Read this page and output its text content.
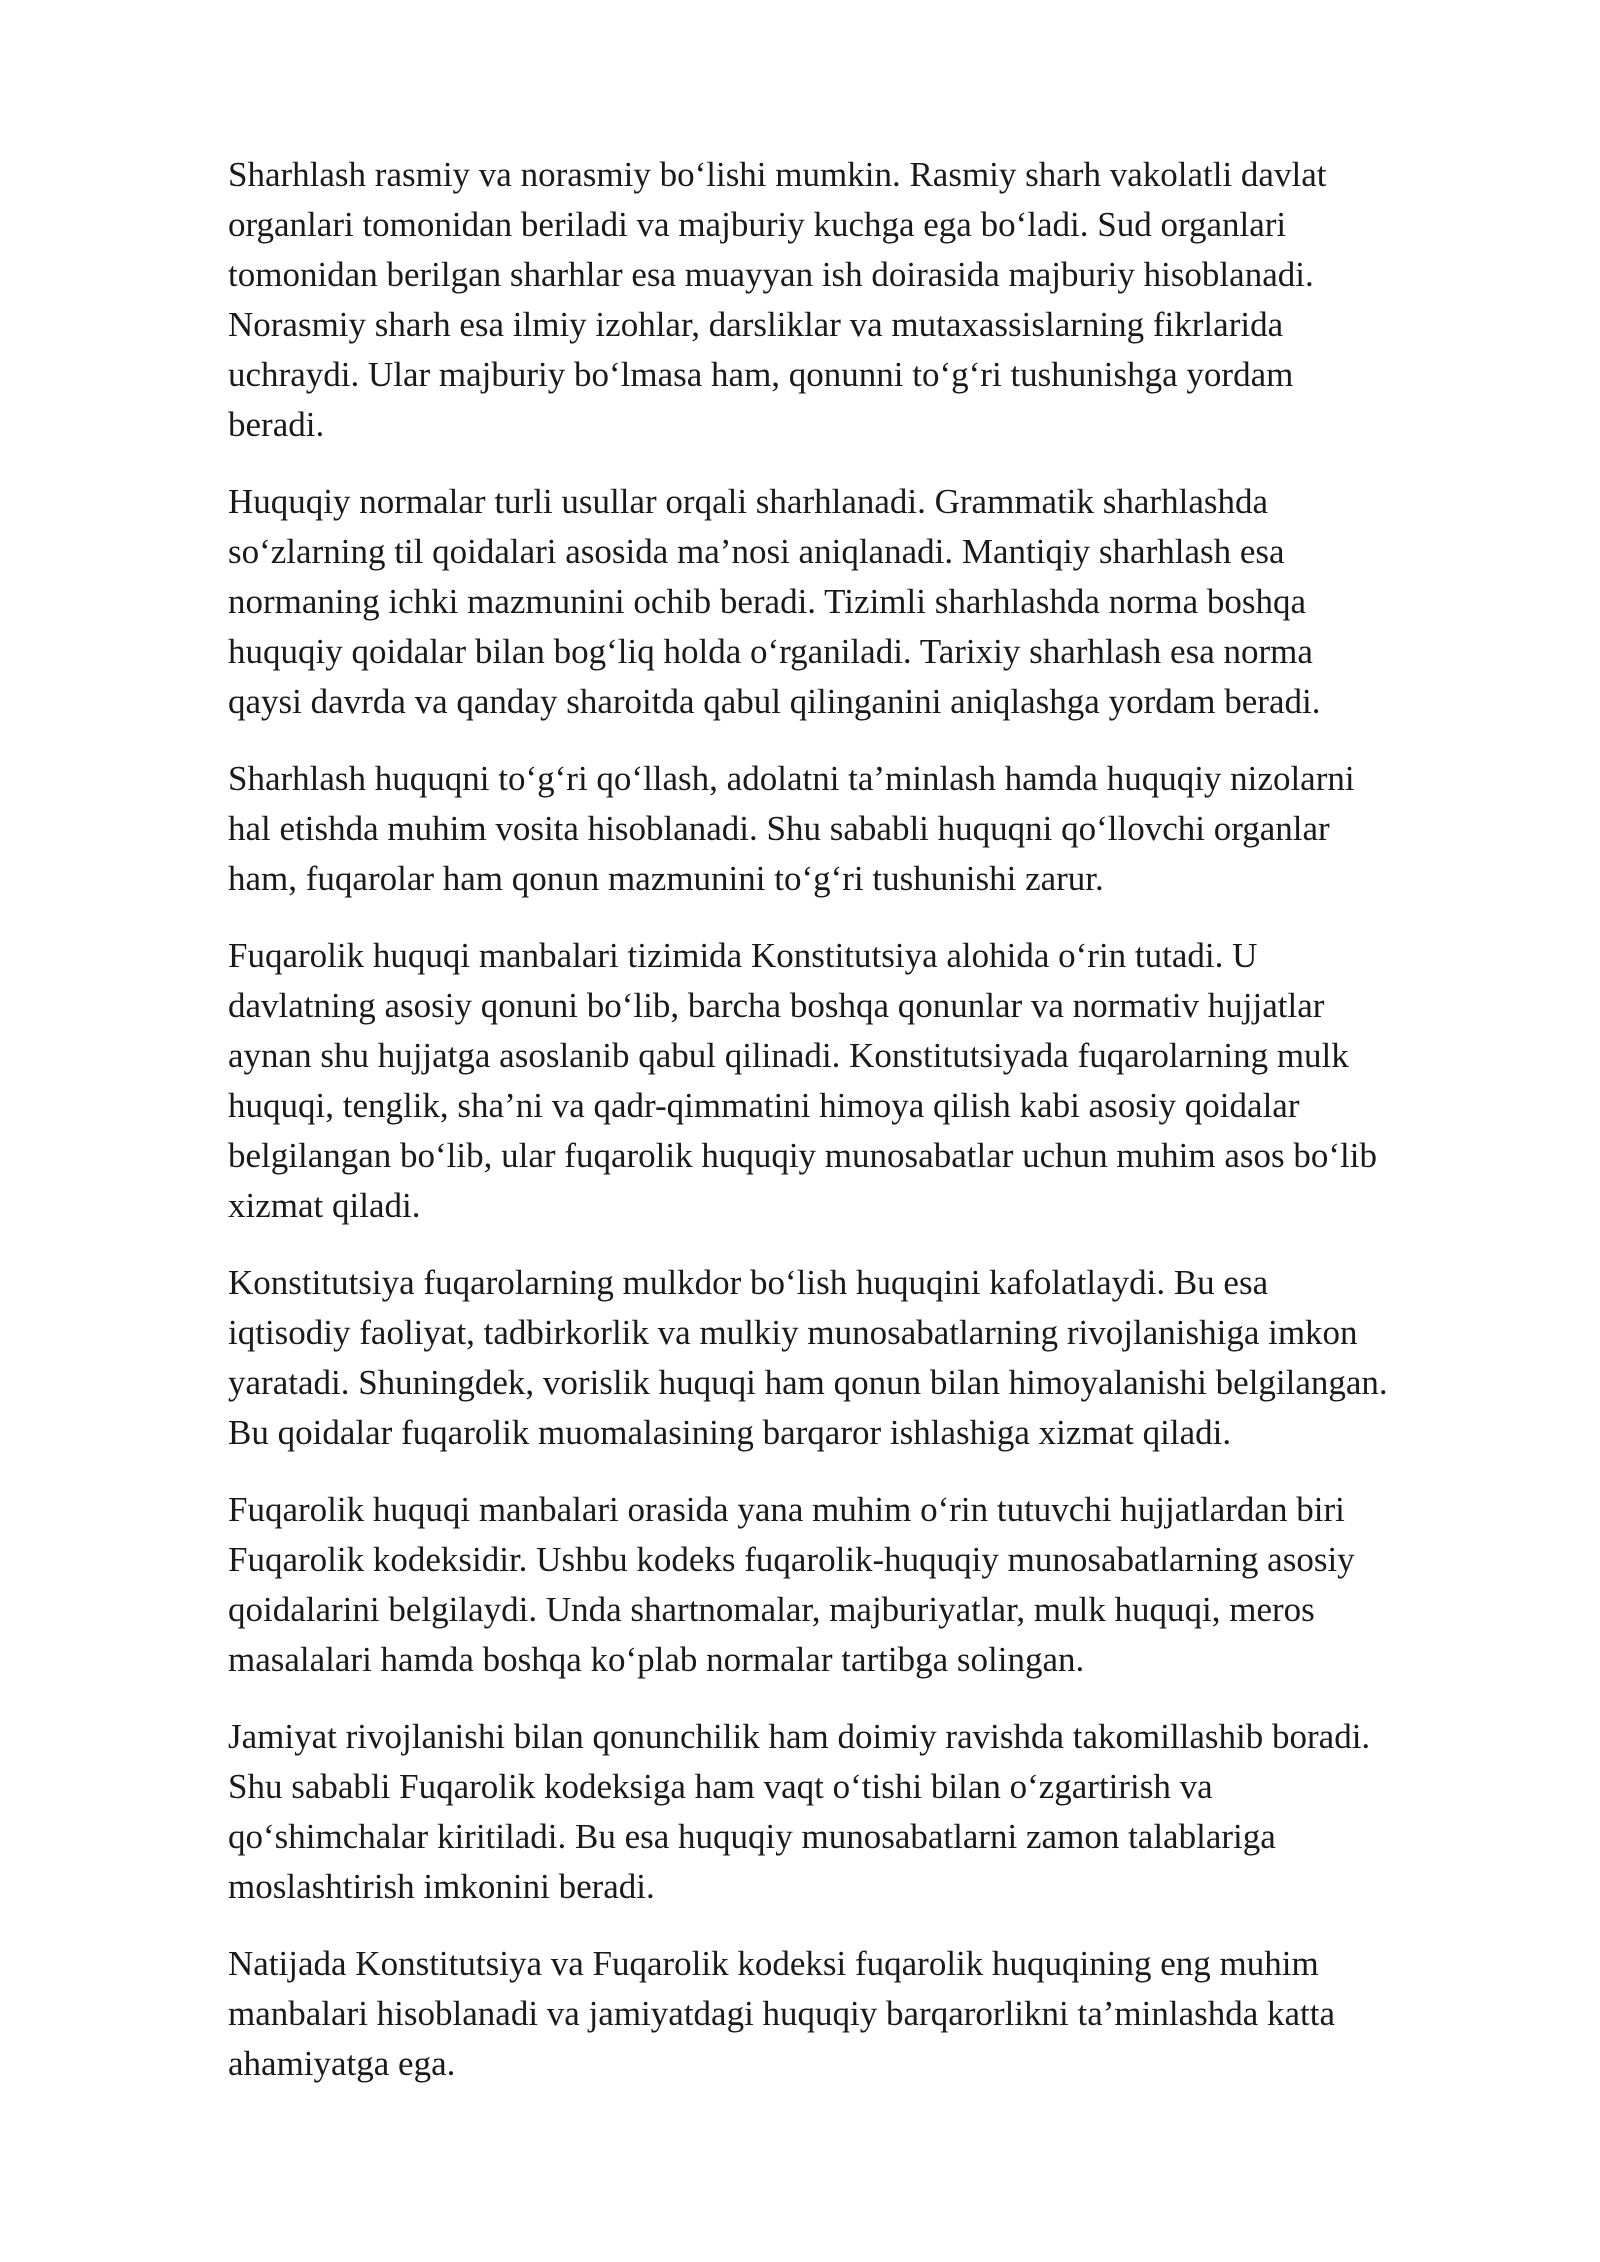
Sharhlash rasmiy va norasmiy bo‘lishi mumkin. Rasmiy sharh vakolatli davlat
organlari tomonidan beriladi va majburiy kuchga ega bo‘ladi. Sud organlari
tomonidan berilgan sharhlar esa muayyan ish doirasida majburiy hisoblanadi.
Norasmiy sharh esa ilmiy izohlar, darsliklar va mutaxassislarning fikrlarida
uchraydi. Ular majburiy bo‘lmasa ham, qonunni to‘g‘ri tushunishga yordam
beradi.

Huquqiy normalar turli usullar orqali sharhlanadi. Grammatik sharhlashda
so‘zlarning til qoidalari asosida ma’nosi aniqlanadi. Mantiqiy sharhlash esa
normaning ichki mazmunini ochib beradi. Tizimli sharhlashda norma boshqa
huquqiy qoidalar bilan bog‘liq holda o‘rganiladi. Tarixiy sharhlash esa norma
qaysi davrda va qanday sharoitda qabul qilinganini aniqlashga yordam beradi.

Sharhlash huquqni to‘g‘ri qo‘llash, adolatni ta’minlash hamda huquqiy nizolarni
hal etishda muhim vosita hisoblanadi. Shu sababli huquqni qo‘llovchi organlar
ham, fuqarolar ham qonun mazmunini to‘g‘ri tushunishi zarur.

Fuqarolik huquqi manbalari tizimida Konstitutsiya alohida o‘rin tutadi. U
davlatning asosiy qonuni bo‘lib, barcha boshqa qonunlar va normativ hujjatlar
aynan shu hujjatga asoslanib qabul qilinadi. Konstitutsiyada fuqarolarning mulk
huquqi, tenglik, sha’ni va qadr-qimmatini himoya qilish kabi asosiy qoidalar
belgilangan bo‘lib, ular fuqarolik huquqiy munosabatlar uchun muhim asos bo‘lib
xizmat qiladi.

Konstitutsiya fuqarolarning mulkdor bo‘lish huquqini kafolatlaydi. Bu esa
iqtisodiy faoliyat, tadbirkorlik va mulkiy munosabatlarning rivojlanishiga imkon
yaratadi. Shuningdek, vorislik huquqi ham qonun bilan himoyalanishi belgilangan.
Bu qoidalar fuqarolik muomalasining barqaror ishlashiga xizmat qiladi.

Fuqarolik huquqi manbalari orasida yana muhim o‘rin tutuvchi hujjatlardan biri
Fuqarolik kodeksidir. Ushbu kodeks fuqarolik-huquqiy munosabatlarning asosiy
qoidalarini belgilaydi. Unda shartnomalar, majburiyatlar, mulk huquqi, meros
masalalari hamda boshqa ko‘plab normalar tartibga solingan.

Jamiyat rivojlanishi bilan qonunchilik ham doimiy ravishda takomillashib boradi.
Shu sababli Fuqarolik kodeksiga ham vaqt o‘tishi bilan o‘zgartirish va
qo‘shimchalar kiritiladi. Bu esa huquqiy munosabatlarni zamon talablariga
moslashtirish imkonini beradi.

Natijada Konstitutsiya va Fuqarolik kodeksi fuqarolik huquqining eng muhim
manbalari hisoblanadi va jamiyatdagi huquqiy barqarorlikni ta’minlashda katta
ahamiyatga ega.
